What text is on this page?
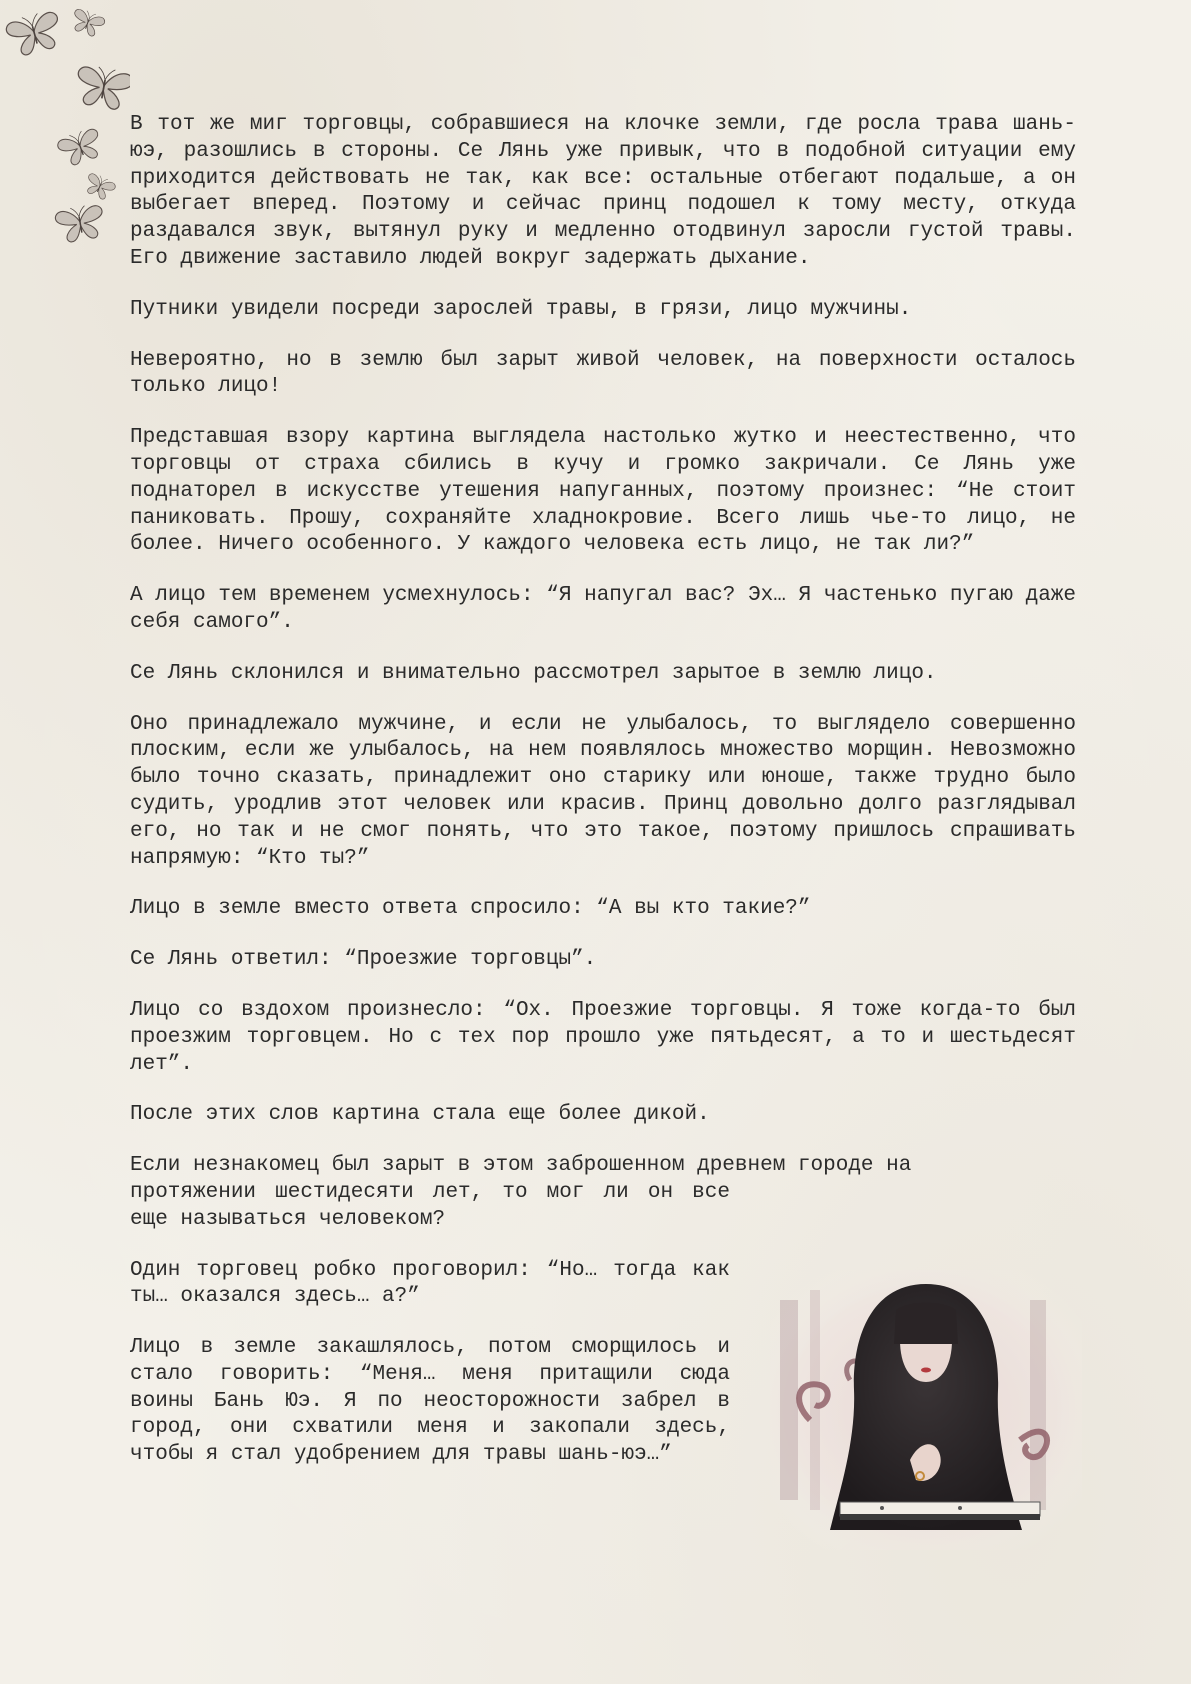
В тот же миг торговцы, собравшиеся на клочке земли, где росла трава шань-юэ, разошлись в стороны. Се Лянь уже привык, что в подобной ситуации ему приходится действовать не так, как все: остальные отбегают подальше, а он выбегает вперед. Поэтому и сейчас принц подошел к тому месту, откуда раздавался звук, вытянул руку и медленно отодвинул заросли густой травы. Его движение заставило людей вокруг задержать дыхание.

Путники увидели посреди зарослей травы, в грязи, лицо мужчины.

Невероятно, но в землю был зарыт живой человек, на поверхности осталось только лицо!

Представшая взору картина выглядела настолько жутко и неестественно, что торговцы от страха сбились в кучу и громко закричали. Се Лянь уже поднаторел в искусстве утешения напуганных, поэтому произнес: “Не стоит паниковать. Прошу, сохраняйте хладнокровие. Всего лишь чье-то лицо, не более. Ничего особенного. У каждого человека есть лицо, не так ли?”

А лицо тем временем усмехнулось: “Я напугал вас? Эх… Я частенько пугаю даже себя самого”.

Се Лянь склонился и внимательно рассмотрел зарытое в землю лицо.

Оно принадлежало мужчине, и если не улыбалось, то выглядело совершенно плоским, если же улыбалось, на нем появлялось множество морщин. Невозможно было точно сказать, принадлежит оно старику или юноше, также трудно было судить, уродлив этот человек или красив. Принц довольно долго разглядывал его, но так и не смог понять, что это такое, поэтому пришлось спрашивать напрямую: “Кто ты?”

Лицо в земле вместо ответа спросило: “А вы кто такие?”

Се Лянь ответил: “Проезжие торговцы”.

Лицо со вздохом произнесло: “Ох. Проезжие торговцы. Я тоже когда-то был проезжим торговцем. Но с тех пор прошло уже пятьдесят, а то и шестьдесят лет”.

После этих слов картина стала еще более дикой.

Если незнакомец был зарыт в этом заброшенном древнем городе на

протяжении шестидесяти лет, то мог ли он все еще называться человеком?

Один торговец робко проговорил: “Но… тогда как ты… оказался здесь… а?”

Лицо в земле закашлялось, потом сморщилось и стало говорить: “Меня… меня притащили сюда воины Бань Юэ. Я по неосторожности забрел в город, они схватили меня и закопали здесь, чтобы я стал удобрением для травы шань-юэ…”
